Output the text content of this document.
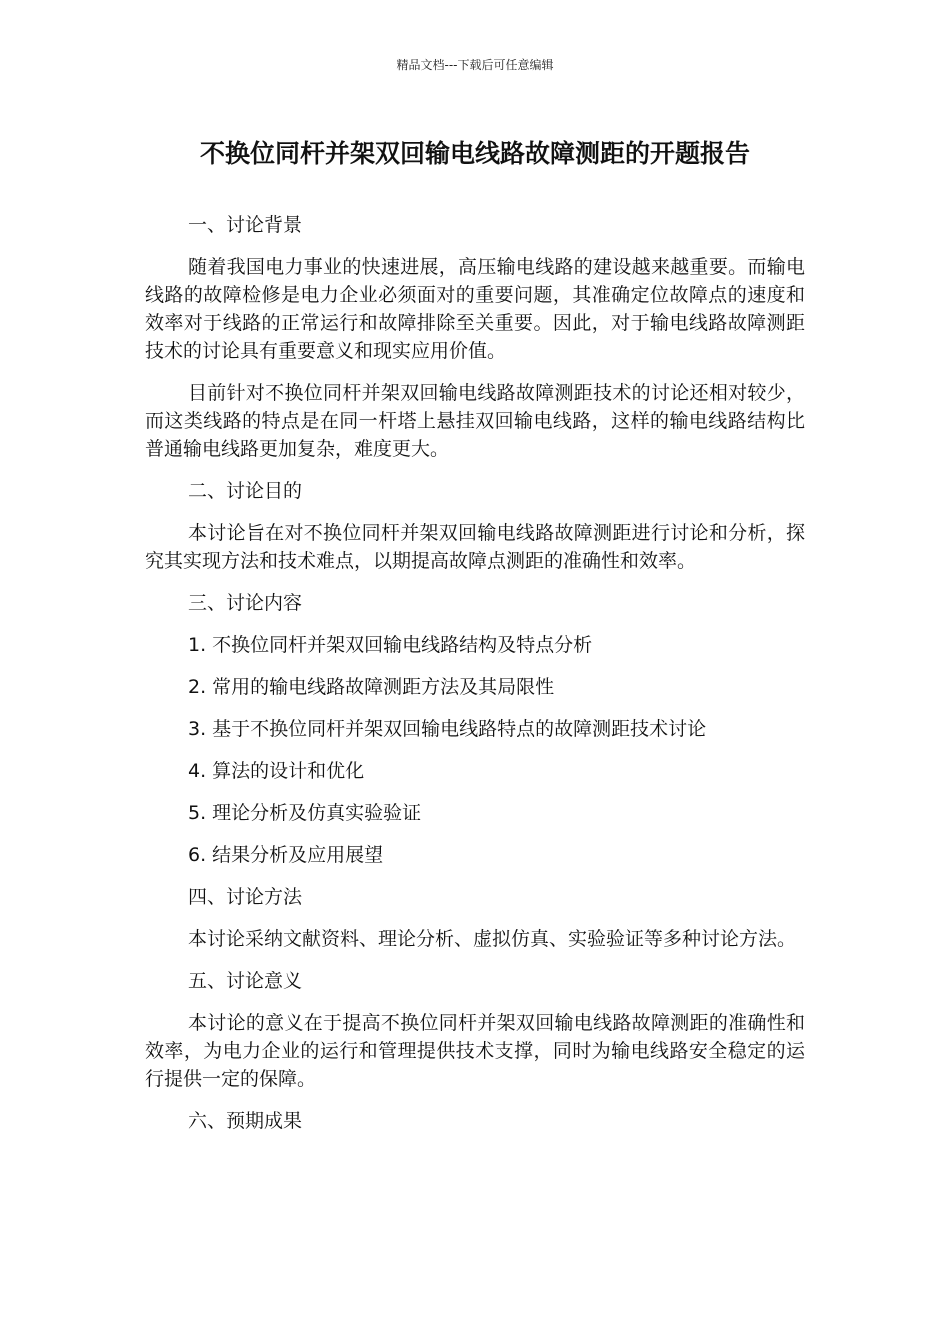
精品文档---下载后可任意编辑
不换位同杆并架双回输电线路故障测距的开题报告

一、讨论背景

随着我国电力事业的快速进展，高压输电线路的建设越来越重要。而输电线路的故障检修是电力企业必须面对的重要问题，其准确定位故障点的速度和效率对于线路的正常运行和故障排除至关重要。因此，对于输电线路故障测距技术的讨论具有重要意义和现实应用价值。

目前针对不换位同杆并架双回输电线路故障测距技术的讨论还相对较少，而这类线路的特点是在同一杆塔上悬挂双回输电线路，这样的输电线路结构比普通输电线路更加复杂，难度更大。

二、讨论目的

本讨论旨在对不换位同杆并架双回输电线路故障测距进行讨论和分析，探究其实现方法和技术难点，以期提高故障点测距的准确性和效率。

三、讨论内容

1. 不换位同杆并架双回输电线路结构及特点分析

2. 常用的输电线路故障测距方法及其局限性

3. 基于不换位同杆并架双回输电线路特点的故障测距技术讨论

4. 算法的设计和优化

5. 理论分析及仿真实验验证

6. 结果分析及应用展望

四、讨论方法

本讨论采纳文献资料、理论分析、虚拟仿真、实验验证等多种讨论方法。

五、讨论意义

本讨论的意义在于提高不换位同杆并架双回输电线路故障测距的准确性和效率，为电力企业的运行和管理提供技术支撑，同时为输电线路安全稳定的运行提供一定的保障。

六、预期成果
